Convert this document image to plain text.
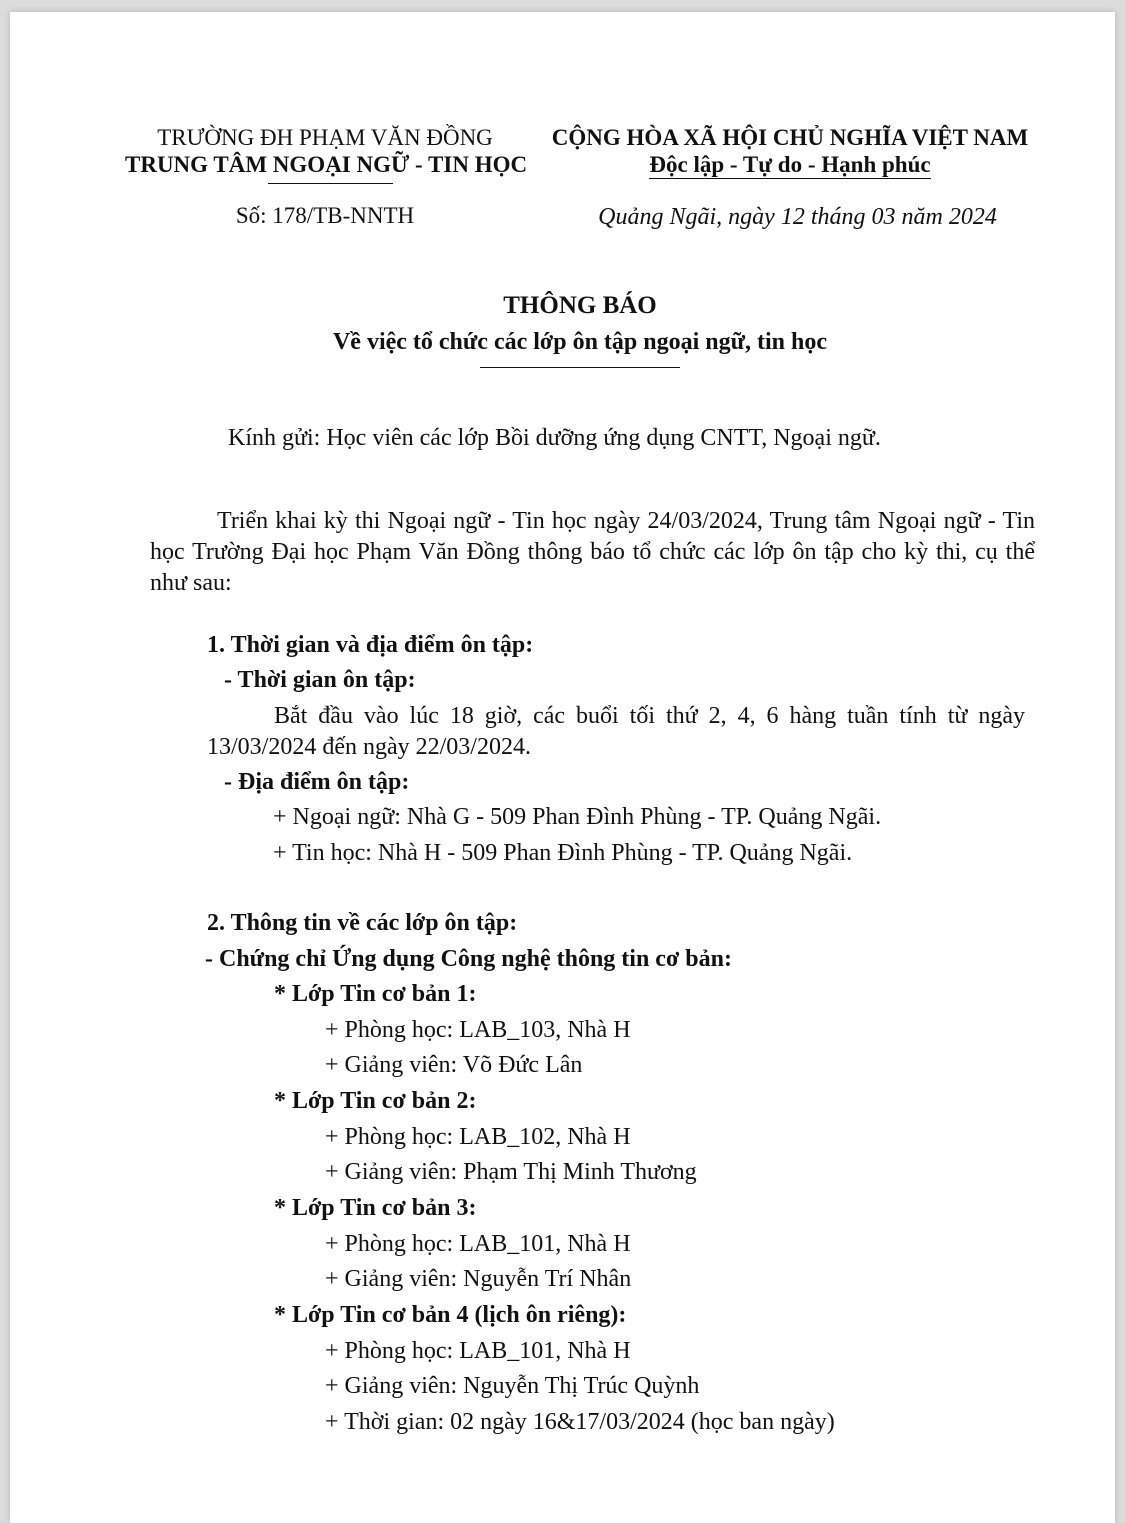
TRƯỜNG ĐH PHẠM VĂN ĐỒNG
TRUNG TÂM NGOẠI NGỮ - TIN HỌC
CỘNG HÒA XÃ HỘI CHỦ NGHĨA VIỆT NAM
Độc lập - Tự do - Hạnh phúc
Số: 178/TB-NNTH	Quảng Ngãi, ngày 12 tháng 03 năm 2024
THÔNG BÁO
Về việc tổ chức các lớp ôn tập ngoại ngữ, tin học
Kính gửi: Học viên các lớp Bồi dưỡng ứng dụng CNTT, Ngoại ngữ.
Triển khai kỳ thi Ngoại ngữ - Tin học ngày 24/03/2024, Trung tâm Ngoại ngữ - Tin học Trường Đại học Phạm Văn Đồng thông báo tổ chức các lớp ôn tập cho kỳ thi, cụ thể như sau:
1. Thời gian và địa điểm ôn tập:
- Thời gian ôn tập:
Bắt đầu vào lúc 18 giờ, các buổi tối thứ 2, 4, 6 hàng tuần tính từ ngày 13/03/2024 đến ngày 22/03/2024.
- Địa điểm ôn tập:
+ Ngoại ngữ: Nhà G - 509 Phan Đình Phùng - TP. Quảng Ngãi.
+ Tin học: Nhà H - 509 Phan Đình Phùng - TP. Quảng Ngãi.
2. Thông tin về các lớp ôn tập:
- Chứng chỉ Ứng dụng Công nghệ thông tin cơ bản:
* Lớp Tin cơ bản 1:
+ Phòng học: LAB_103, Nhà H
+ Giảng viên: Võ Đức Lân
* Lớp Tin cơ bản 2:
+ Phòng học: LAB_102, Nhà H
+ Giảng viên: Phạm Thị Minh Thương
* Lớp Tin cơ bản 3:
+ Phòng học: LAB_101, Nhà H
+ Giảng viên: Nguyễn Trí Nhân
* Lớp Tin cơ bản 4 (lịch ôn riêng):
+ Phòng học: LAB_101, Nhà H
+ Giảng viên: Nguyễn Thị Trúc Quỳnh
+ Thời gian: 02 ngày 16&17/03/2024 (học ban ngày)
